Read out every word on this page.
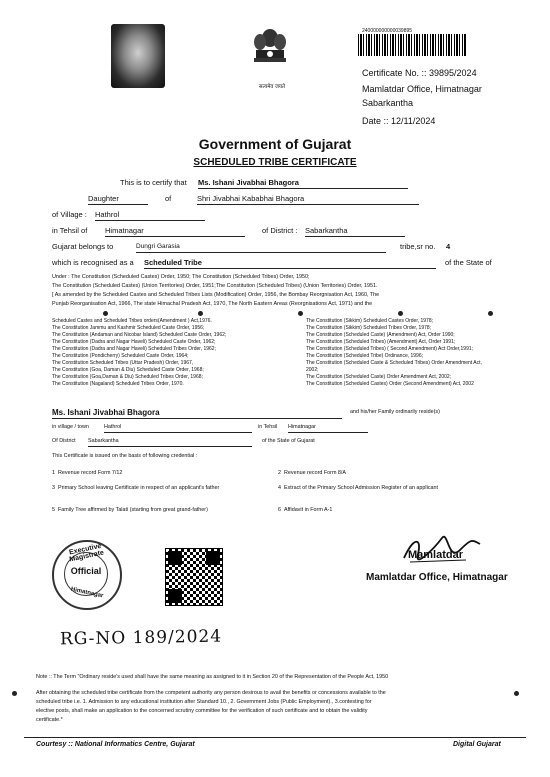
सत्यमेव जयते
240000000000039895
Certificate No. :: 39895/2024
Mamlatdar Office, Himatnagar
Sabarkantha
Date :: 12/11/2024
Government of Gujarat
SCHEDULED TRIBE CERTIFICATE
This is to certify that Ms. Ishani Jivabhai Bhagora
Daughter	of	Shri Jivabhai Kababhai Bhagora
of Village : Hathrol
in Tehsil of Himatnagar	of District : Sabarkantha
Gujarat belongs to	Dungri Garasia	tribe,sr no. 4
which is recognised as a Scheduled Tribe	of the State of
Under : The Constitution (Scheduled Castes) Order, 1950; The Constitution (Scheduled Tribes) Order, 1950;
The Constitution (Scheduled Castes) (Union Territories) Order, 1951;The Constitution (Scheduled Tribes) (Union Territories) Order, 1951.
[ As amended by the Scheduled Castes and Scheduled Tribes Lists (Modification) Order, 1956, the Bombay Reorgnisation Act, 1960, The
Punjab Reorganisation Act, 1966, The state Himachal Pradesh Act, 1970, The North Eastern Areas (Reorgnisations Act, 1971) and the
Scheduled Castes and Scheduled Tribes orders(Amendment ) Act,1976.
The Constitution Jammu and Kashmir Scheduled Caste Order, 1956;
The Constitution (Andaman and Nicobar Island) Scheduled Caste Order, 1962;
The Constitution (Dadra and Nagar Haveli) Scheduled Caste Order, 1962;
The Constitution (Dadra and Nagar Haveli) Scheduled Tribes Order, 1962;
The Constitution (Pondicherry) Scheduled Caste Order, 1964;
The Constitution Scheduled Tribes (Uttar Pradesh) Order, 1967,
The Constitution (Goa, Daman & Diu) Scheduled Caste Order, 1968;
The Constitution (Goa,Daman & Diu) Scheduled Tribes Order, 1968;
The Constitution (Nagaland) Scheduled Tribes Order, 1970.
The Constitution (Sikkim) Scheduled Castes Order, 1978;
The Constitution (Sikkim) Scheduled Tribes Order, 1978;
The Constitution (Scheduled Caste) (Amendment) Act, Order 1990;
The Constitution (Scheduled Tribes) (Amendment) Act, Order 1991;
The Constitution (Scheduled Tribes) ( Second Amendment) Act Order,1991;
The Constitution (Scheduled Tribe) Ordinance, 1996;
The Constitution (Scheduled Caste & Scheduled Tribes) Order Amendment Act,
2002;
The Constitution (Scheduled Caste) Order Amendment Act, 2002;
The Constitution (Scheduled Castes) Order (Second Amendment) Act, 2002
Ms. Ishani Jivabhai Bhagora	and his/her Family ordinarily reside(s)
in village / town	Hathrol	in Tehsil Himatnagar
Of District Sabarkantha	of the State of Gujarat
This Certificate is issued on the basis of following credential :
1 Revenue record Form 7/12	2 Revenue record Form 8/A
3 Primary School leaving Certificate in respect of an applicant's father	4 Extract of the Primary School Admission Register of an applicant
5 Family Tree affirmed by Talati (starting from great grand-father)	6 Affidavit in Form A-1
Executive Magistrate
Official
Himatnagar
Mamlatdar
Mamlatdar Office, Himatnagar
RG-NO 189/2024
Note :: The Term "Ordinary reside's used shall have the same meaning as assigned to it in Section 20 of the Representation of the People Act, 1950
After obtaining the scheduled tribe certificate from the competent authority any person desirous to avail the benefits or concessions available to the
scheduled tribe i.e. 1. Admission to any educational institution after Standard 10., 2. Government Jobs (Public Employment)., 3.contesting for
elective posts, shall make an application to the concerned scrutiny committee for the verification of such certificate and to obtain the validity
certificate.*
Courtesy :: National Informatics Centre, Gujarat	Digital Gujarat
